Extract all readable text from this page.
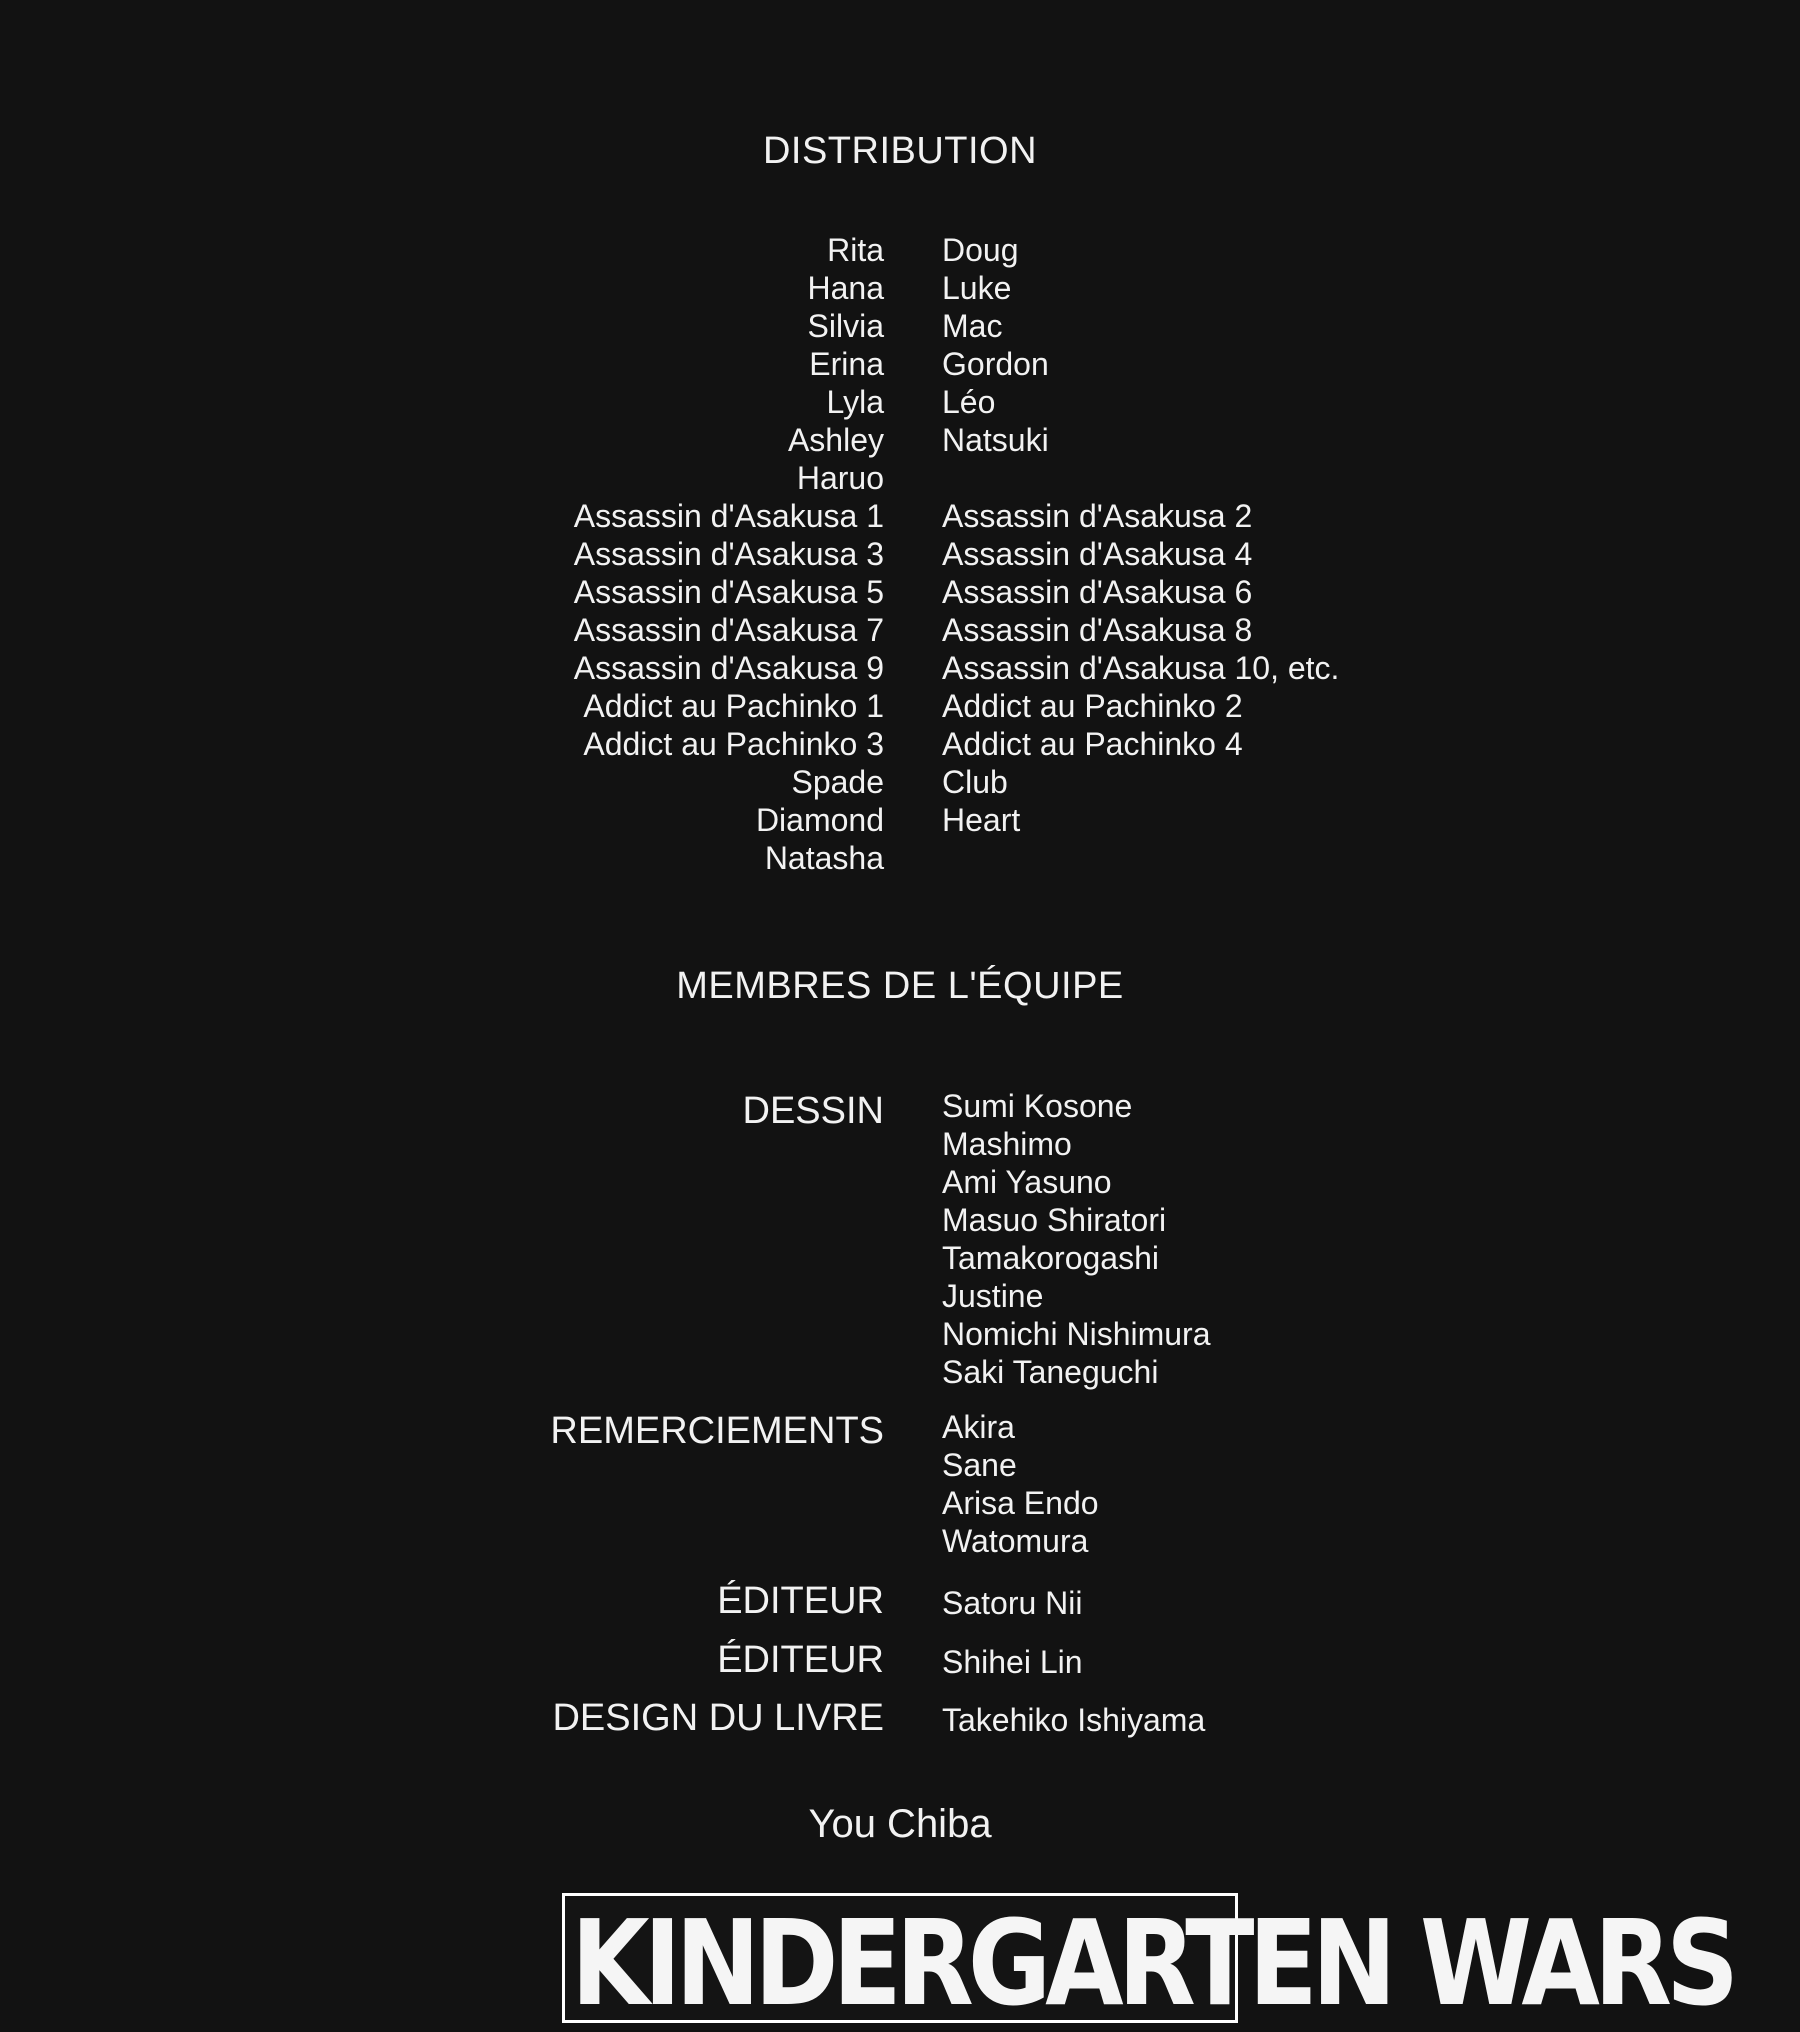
DISTRIBUTION
Rita Doug
Hana Luke
Silvia Mac
Erina Gordon
Lyla Léo
Ashley Natsuki
Haruo
Assassin d'Asakusa 1 Assassin d'Asakusa 2
Assassin d'Asakusa 3 Assassin d'Asakusa 4
Assassin d'Asakusa 5 Assassin d'Asakusa 6
Assassin d'Asakusa 7 Assassin d'Asakusa 8
Assassin d'Asakusa 9 Assassin d'Asakusa 10, etc.
Addict au Pachinko 1 Addict au Pachinko 2
Addict au Pachinko 3 Addict au Pachinko 4
Spade Club
Diamond Heart
Natasha
MEMBRES DE L'ÉQUIPE
DESSIN Sumi Kosone
Mashimo
Ami Yasuno
Masuo Shiratori
Tamakorogashi
Justine
Nomichi Nishimura
Saki Taneguchi
REMERCIEMENTS Akira
Sane
Arisa Endo
Watomura
ÉDITEUR Satoru Nii
ÉDITEUR Shihei Lin
DESIGN DU LIVRE Takehiko Ishiyama
You Chiba
KINDERGARTEN WARS
